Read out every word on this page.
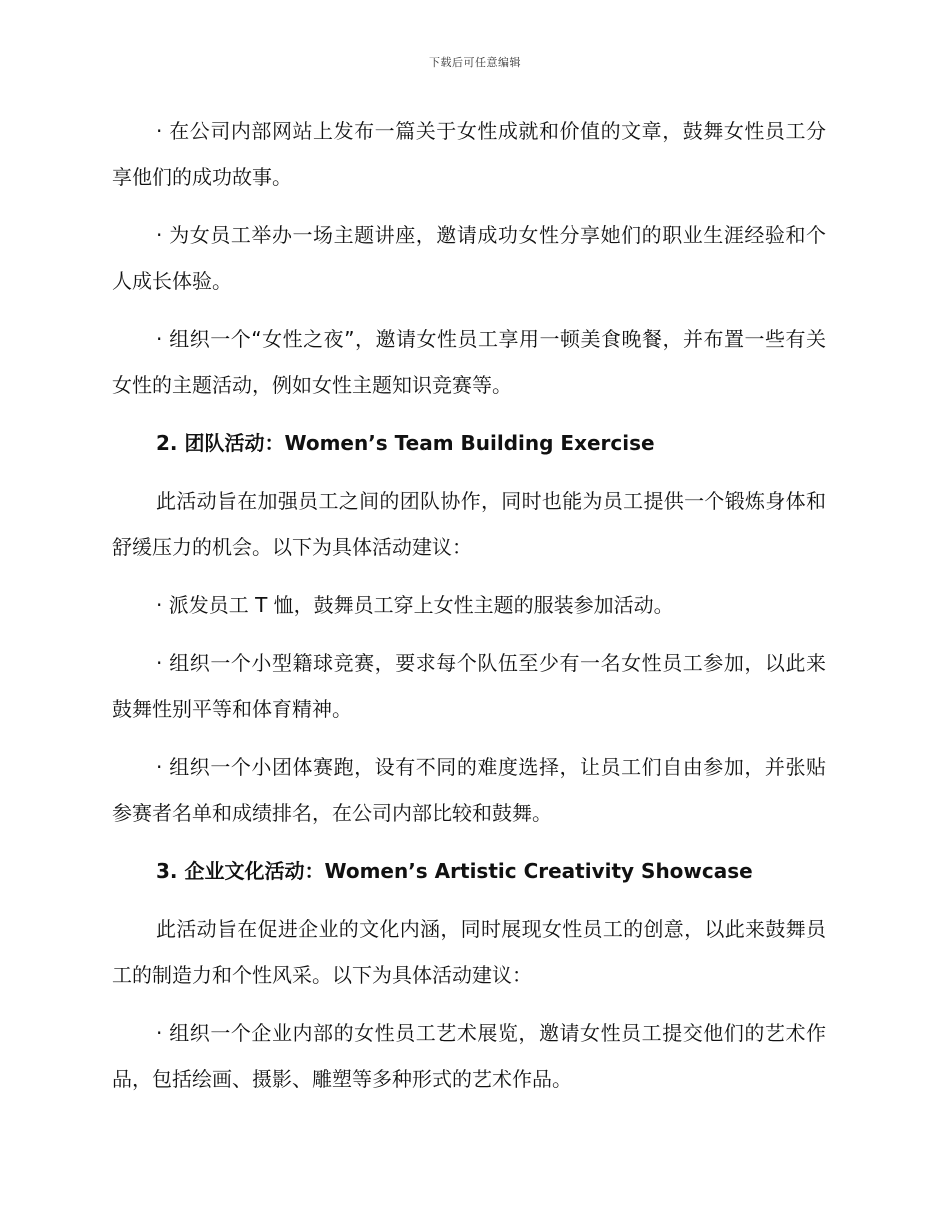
下载后可任意编辑

· 在公司内部网站上发布一篇关于女性成就和价值的文章，鼓舞女性员工分享他们的成功故事。

· 为女员工举办一场主题讲座，邀请成功女性分享她们的职业生涯经验和个人成长体验。

· 组织一个“女性之夜”，邀请女性员工享用一顿美食晚餐，并布置一些有关女性的主题活动，例如女性主题知识竞赛等。

2. 团队活动：Women’s Team Building Exercise

此活动旨在加强员工之间的团队协作，同时也能为员工提供一个锻炼身体和舒缓压力的机会。以下为具体活动建议：

· 派发员工 T 恤，鼓舞员工穿上女性主题的服装参加活动。

· 组织一个小型籍球竞赛，要求每个队伍至少有一名女性员工参加，以此来鼓舞性别平等和体育精神。

· 组织一个小团体赛跑，设有不同的难度选择，让员工们自由参加，并张贴参赛者名单和成绩排名，在公司内部比较和鼓舞。

3. 企业文化活动：Women’s Artistic Creativity Showcase

此活动旨在促进企业的文化内涵，同时展现女性员工的创意，以此来鼓舞员工的制造力和个性风采。以下为具体活动建议：

· 组织一个企业内部的女性员工艺术展览，邀请女性员工提交他们的艺术作品，包括绘画、摄影、雕塑等多种形式的艺术作品。
